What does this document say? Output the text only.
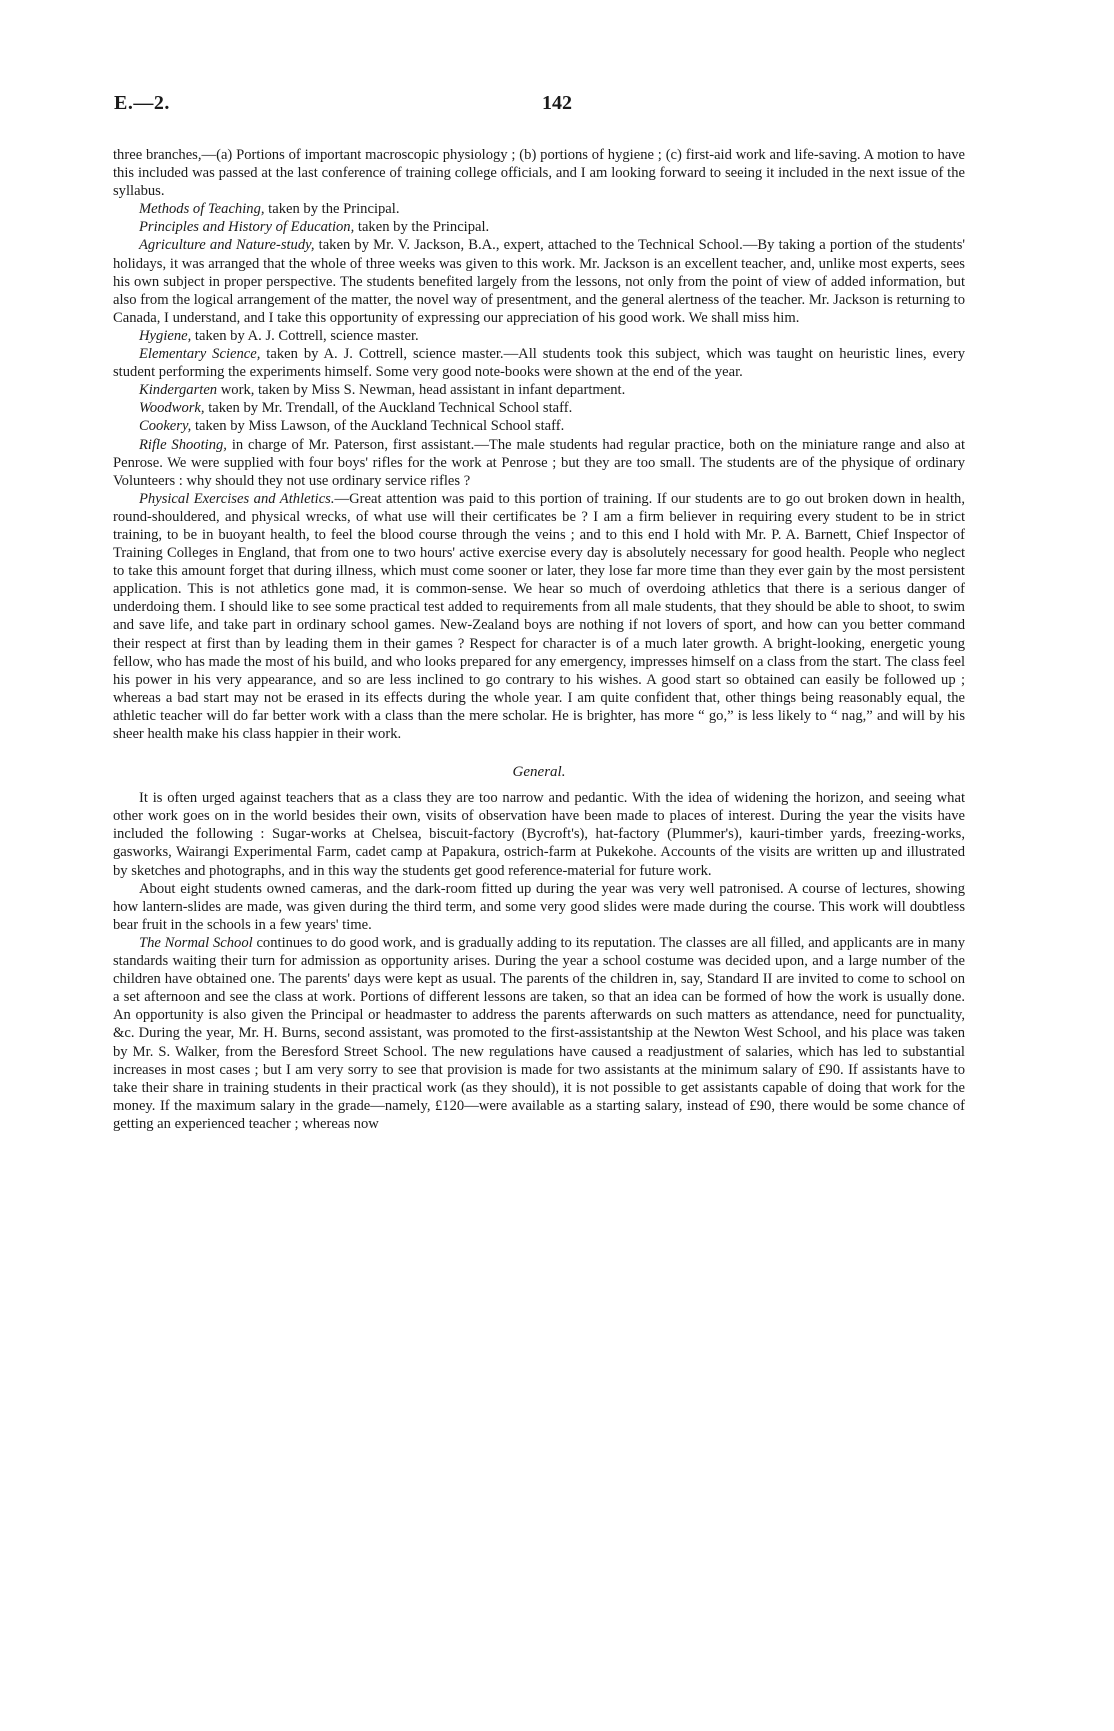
E.—2.	142

three branches,—(a) Portions of important macroscopic physiology ; (b) portions of hygiene ; (c) first-aid work and life-saving. A motion to have this included was passed at the last conference of training college officials, and I am looking forward to seeing it included in the next issue of the syllabus.

Methods of Teaching, taken by the Principal.

Principles and History of Education, taken by the Principal.

Agriculture and Nature-study, taken by Mr. V. Jackson, B.A., expert, attached to the Technical School.—By taking a portion of the students' holidays, it was arranged that the whole of three weeks was given to this work. Mr. Jackson is an excellent teacher, and, unlike most experts, sees his own subject in proper perspective. The students benefited largely from the lessons, not only from the point of view of added information, but also from the logical arrangement of the matter, the novel way of presentment, and the general alertness of the teacher. Mr. Jackson is returning to Canada, I understand, and I take this opportunity of expressing our appreciation of his good work. We shall miss him.

Hygiene, taken by A. J. Cottrell, science master.

Elementary Science, taken by A. J. Cottrell, science master.—All students took this subject, which was taught on heuristic lines, every student performing the experiments himself. Some very good note-books were shown at the end of the year.

Kindergarten work, taken by Miss S. Newman, head assistant in infant department.

Woodwork, taken by Mr. Trendall, of the Auckland Technical School staff.

Cookery, taken by Miss Lawson, of the Auckland Technical School staff.

Rifle Shooting, in charge of Mr. Paterson, first assistant.—The male students had regular practice, both on the miniature range and also at Penrose. We were supplied with four boys' rifles for the work at Penrose ; but they are too small. The students are of the physique of ordinary Volunteers : why should they not use ordinary service rifles ?

Physical Exercises and Athletics.—Great attention was paid to this portion of training. If our students are to go out broken down in health, round-shouldered, and physical wrecks, of what use will their certificates be ? I am a firm believer in requiring every student to be in strict training, to be in buoyant health, to feel the blood course through the veins ; and to this end I hold with Mr. P. A. Barnett, Chief Inspector of Training Colleges in England, that from one to two hours' active exercise every day is absolutely necessary for good health. People who neglect to take this amount forget that during illness, which must come sooner or later, they lose far more time than they ever gain by the most persistent application. This is not athletics gone mad, it is common-sense. We hear so much of overdoing athletics that there is a serious danger of underdoing them. I should like to see some practical test added to requirements from all male students, that they should be able to shoot, to swim and save life, and take part in ordinary school games. New-Zealand boys are nothing if not lovers of sport, and how can you better command their respect at first than by leading them in their games ? Respect for character is of a much later growth. A bright-looking, energetic young fellow, who has made the most of his build, and who looks prepared for any emergency, impresses himself on a class from the start. The class feel his power in his very appearance, and so are less inclined to go contrary to his wishes. A good start so obtained can easily be followed up ; whereas a bad start may not be erased in its effects during the whole year. I am quite confident that, other things being reasonably equal, the athletic teacher will do far better work with a class than the mere scholar. He is brighter, has more “ go,” is less likely to “ nag,” and will by his sheer health make his class happier in their work.

General.

It is often urged against teachers that as a class they are too narrow and pedantic. With the idea of widening the horizon, and seeing what other work goes on in the world besides their own, visits of observation have been made to places of interest. During the year the visits have included the following : Sugar-works at Chelsea, biscuit-factory (Bycroft's), hat-factory (Plummer's), kauri-timber yards, freezing-works, gasworks, Wairangi Experimental Farm, cadet camp at Papakura, ostrich-farm at Pukekohe. Accounts of the visits are written up and illustrated by sketches and photographs, and in this way the students get good reference-material for future work.

About eight students owned cameras, and the dark-room fitted up during the year was very well patronised. A course of lectures, showing how lantern-slides are made, was given during the third term, and some very good slides were made during the course. This work will doubtless bear fruit in the schools in a few years' time.

The Normal School continues to do good work, and is gradually adding to its reputation. The classes are all filled, and applicants are in many standards waiting their turn for admission as opportunity arises. During the year a school costume was decided upon, and a large number of the children have obtained one. The parents' days were kept as usual. The parents of the children in, say, Standard II are invited to come to school on a set afternoon and see the class at work. Portions of different lessons are taken, so that an idea can be formed of how the work is usually done. An opportunity is also given the Principal or headmaster to address the parents afterwards on such matters as attendance, need for punctuality, &c. During the year, Mr. H. Burns, second assistant, was promoted to the first-assistantship at the Newton West School, and his place was taken by Mr. S. Walker, from the Beresford Street School. The new regulations have caused a readjustment of salaries, which has led to substantial increases in most cases ; but I am very sorry to see that provision is made for two assistants at the minimum salary of £90. If assistants have to take their share in training students in their practical work (as they should), it is not possible to get assistants capable of doing that work for the money. If the maximum salary in the grade—namely, £120—were available as a starting salary, instead of £90, there would be some chance of getting an experienced teacher ; whereas now
